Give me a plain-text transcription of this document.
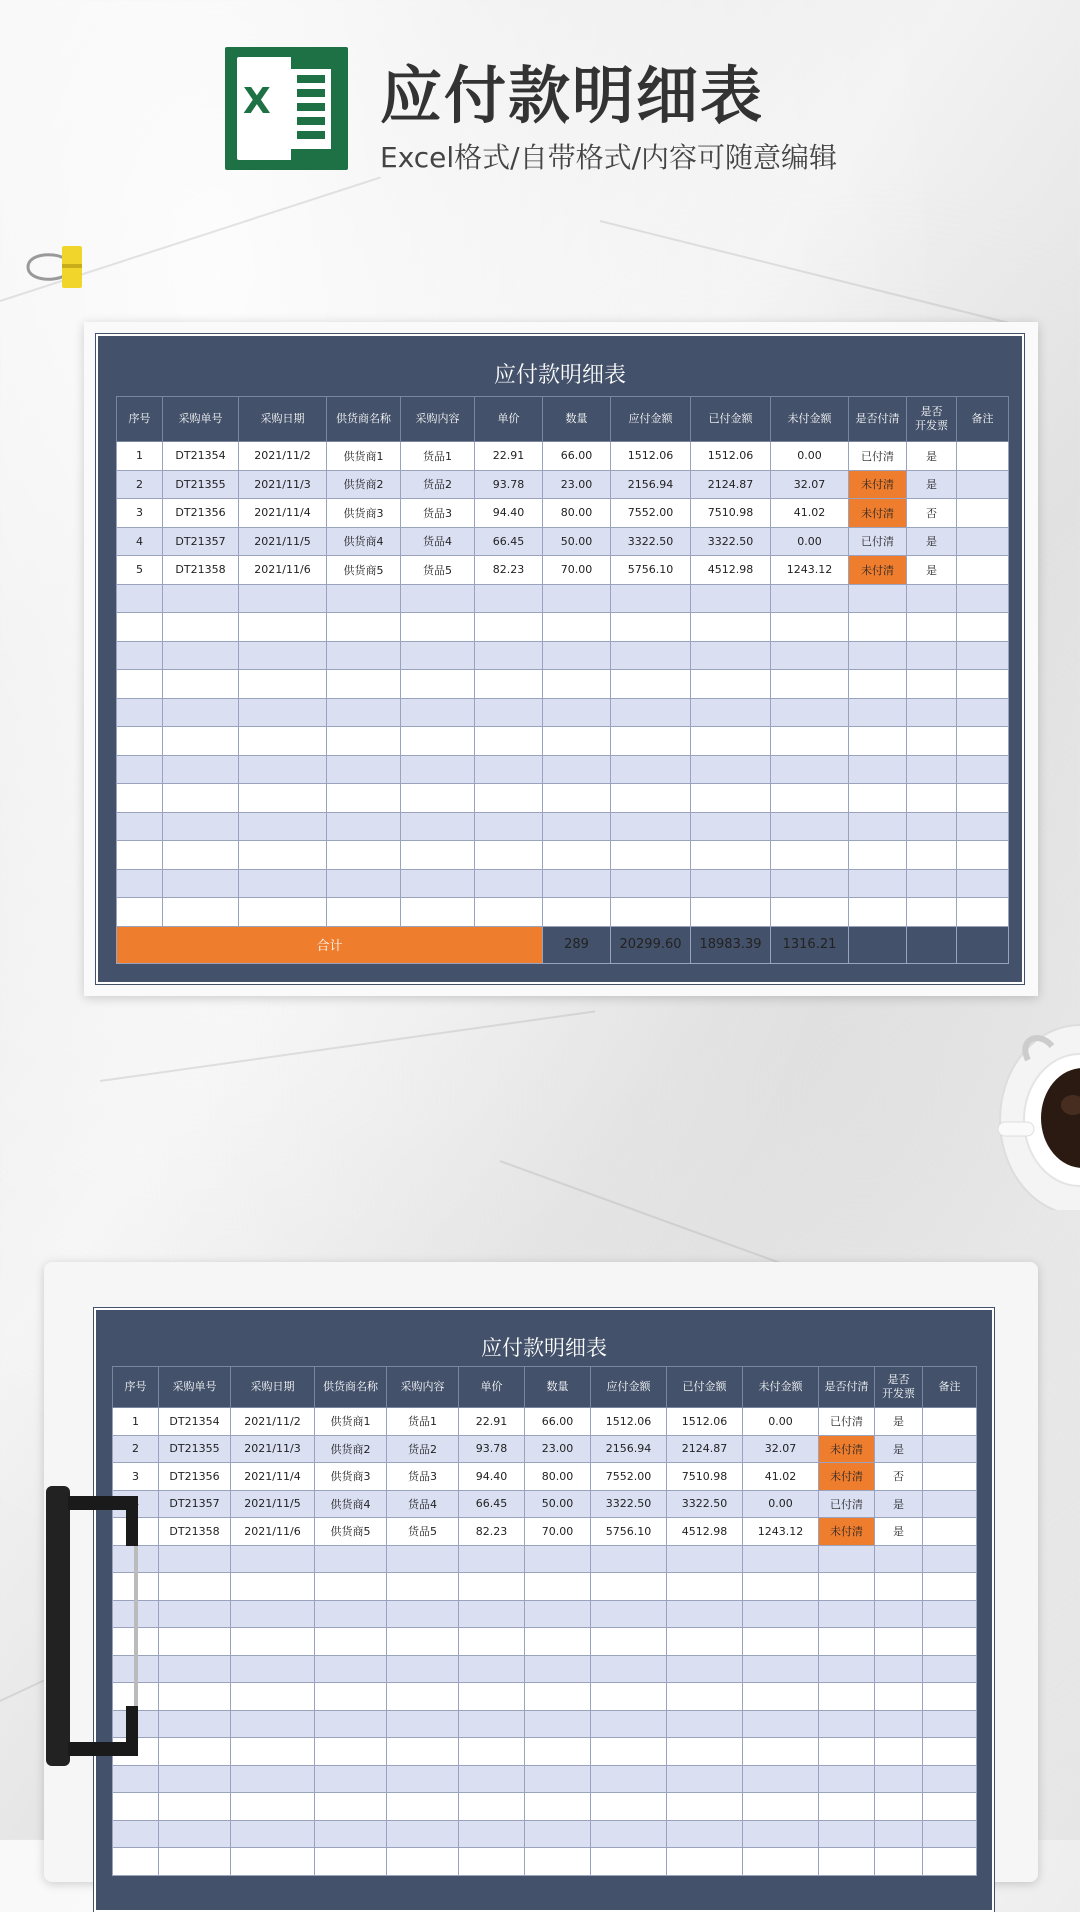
X 应付款明细表
Excel格式/自带格式/内容可随意编辑
应付款明细表
序号	采购单号	采购日期	供货商名称	采购内容	单价	数量	应付金额	已付金额	未付金额	是否付清	是否
开发票	备注
1	DT21354	2021/11/2	供货商1	货品1	22.91	66.00	1512.06	1512.06	0.00	已付清	是	
2	DT21355	2021/11/3	供货商2	货品2	93.78	23.00	2156.94	2124.87	32.07	未付清	是	
3	DT21356	2021/11/4	供货商3	货品3	94.40	80.00	7552.00	7510.98	41.02	未付清	否	
4	DT21357	2021/11/5	供货商4	货品4	66.45	50.00	3322.50	3322.50	0.00	已付清	是	
5	DT21358	2021/11/6	供货商5	货品5	82.23	70.00	5756.10	4512.98	1243.12	未付清	是	

合计						289	20299.60	18983.39	1316.21			
应付款明细表
序号	采购单号	采购日期	供货商名称	采购内容	单价	数量	应付金额	已付金额	未付金额	是否付清	是否
开发票	备注
1	DT21354	2021/11/2	供货商1	货品1	22.91	66.00	1512.06	1512.06	0.00	已付清	是	
2	DT21355	2021/11/3	供货商2	货品2	93.78	23.00	2156.94	2124.87	32.07	未付清	是	
3	DT21356	2021/11/4	供货商3	货品3	94.40	80.00	7552.00	7510.98	41.02	未付清	否	
	DT21357	2021/11/5	供货商4	货品4	66.45	50.00	3322.50	3322.50	0.00	已付清	是	
	DT21358	2021/11/6	供货商5	货品5	82.23	70.00	5756.10	4512.98	1243.12	未付清	是	
